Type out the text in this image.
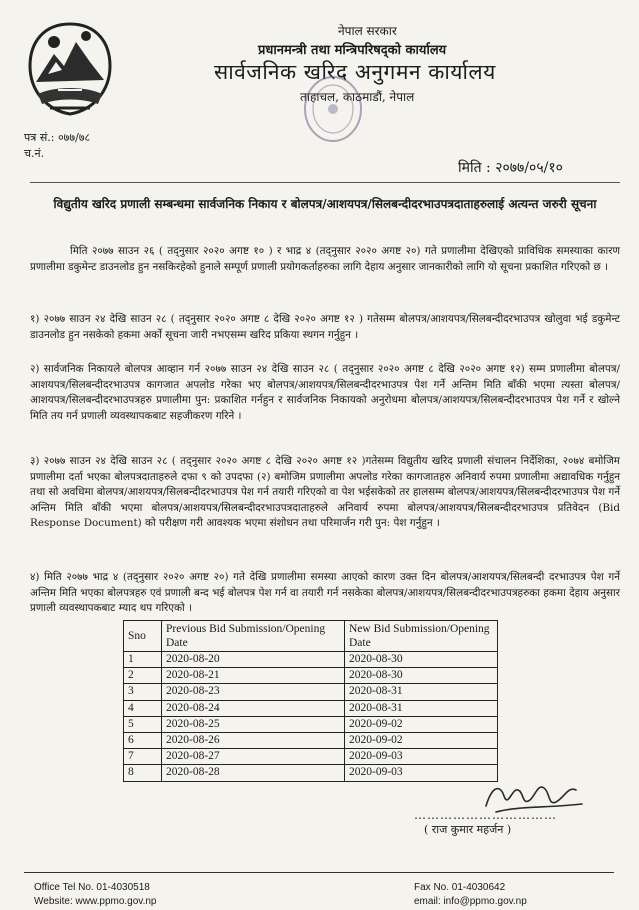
नेपाल सरकार
प्रधानमन्त्री तथा मन्त्रिपरिषद्को कार्यालय
सार्वजनिक खरिद अनुगमन कार्यालय
ताहाचल, काठमाडौं, नेपाल
पत्र सं.: ०७७/७८
च.नं.
मिति : २०७७/०५/१०
विद्युतीय खरिद प्रणाली सम्बन्धमा सार्वजनिक निकाय र बोलपत्र/आशयपत्र/सिलबन्दीदरभाउपत्रदाताहरुलाई अत्यन्त जरुरी सूचना
मिति २०७७ साउन २६ ( तद्नुसार २०२० अगष्ट १० ) र भाद्र ४ (तद्नुसार २०२० अगष्ट २०) गते प्रणालीमा देखिएको प्राविधिक समस्याका कारण प्रणालीमा डकुमेन्ट डाउनलोड हुन नसकिरहेको हुनाले सम्पूर्ण प्रणाली प्रयोगकर्ताहरुका लागि देहाय अनुसार जानकारीको लागि यो सूचना प्रकाशित गरिएको छ ।
१) २०७७ साउन २४ देखि साउन २८ ( तद्नुसार २०२० अगष्ट ८ देखि २०२० अगष्ट १२ ) गतेसम्म बोलपत्र/आशयपत्र/सिलबन्दीदरभाउपत्र खोलुवा भई डकुमेन्ट डाउनलोड हुन नसकेको हकमा अर्को सूचना जारी नभएसम्म खरिद प्रकिया स्थगन गर्नुहुन ।
२) सार्वजनिक निकायले बोलपत्र आव्हान गर्न २०७७ साउन २४ देखि साउन २८ ( तद्नुसार २०२० अगष्ट ८ देखि २०२० अगष्ट १२) सम्म प्रणालीमा बोलपत्र/आशयपत्र/सिलबन्दीदरभाउपत्र कागजात अपलोड गरेका भए बोलपत्र/आशयपत्र/सिलबन्दीदरभाउपत्र पेश गर्ने अन्तिम मिति बाँकी भएमा त्यस्ता बोलपत्र/आशयपत्र/सिलबन्दीदरभाउपत्रहरु प्रणालीमा पुन: प्रकाशित गर्नहुन र सार्वजनिक निकायको अनुरोधमा बोलपत्र/आशयपत्र/सिलबन्दीदरभाउपत्र पेश गर्ने र खोल्ने मिति तय गर्न प्रणाली व्यवस्थापकबाट सहजीकरण गरिने ।
३) २०७७ साउन २४ देखि साउन २८ ( तद्नुसार २०२० अगष्ट ८ देखि २०२० अगष्ट १२ )गतेसम्म विद्युतीय खरिद प्रणाली संचालन निर्देशिका, २०७४ बमोजिम प्रणालीमा दर्ता भएका बोलपत्रदाताहरुले दफा ९ को उपदफा (२) बमोजिम प्रणालीमा अपलोड गरेका कागजातहरु अनिवार्य रुपमा प्रणालीमा अद्यावधिक गर्नुहुन तथा सो अवधिमा बोलपत्र/आशयपत्र/सिलबन्दीदरभाउपत्र पेश गर्न तयारी गरिएको वा पेश भईसकेको तर हालसम्म बोलपत्र/आशयपत्र/सिलबन्दीदरभाउपत्र पेश गर्ने अन्तिम मिति बाँकी भएमा बोलपत्र/आशयपत्र/सिलबन्दीदरभाउपत्रदाताहरुले अनिवार्य रुपमा बोलपत्र/आशयपत्र/सिलबन्दीदरभाउपत्र प्रतिवेदन (Bid Response Document) को परीक्षण गरी आवश्यक भएमा संशोधन तथा परिमार्जन गरी पुन: पेश गर्नुहुन ।
४) मिति २०७७ भाद्र ४ (तद्नुसार २०२० अगष्ट २०) गते देखि प्रणालीमा समस्या आएको कारण उक्त दिन बोलपत्र/आशयपत्र/सिलबन्दी दरभाउपत्र पेश गर्ने अन्तिम मिति भएका बोलपत्रहरु एवं प्रणाली बन्द भई बोलपत्र पेश गर्न वा तयारी गर्न नसकेका बोलपत्र/आशयपत्र/सिलबन्दीदरभाउपत्रहरुका हकमा देहाय अनुसार प्रणाली व्यवस्थापकबाट म्याद थप गरिएको ।
Sno	Previous Bid Submission/Opening Date	New Bid Submission/Opening Date
1	2020-08-20	2020-08-30
2	2020-08-21	2020-08-30
3	2020-08-23	2020-08-31
4	2020-08-24	2020-08-31
5	2020-08-25	2020-09-02
6	2020-08-26	2020-09-02
7	2020-08-27	2020-09-03
8	2020-08-28	2020-09-03
……………………………
( राज कुमार महर्जन )
Office Tel No. 01-4030518
Website: www.ppmo.gov.np
Fax No. 01-4030642
email: info@ppmo.gov.np
